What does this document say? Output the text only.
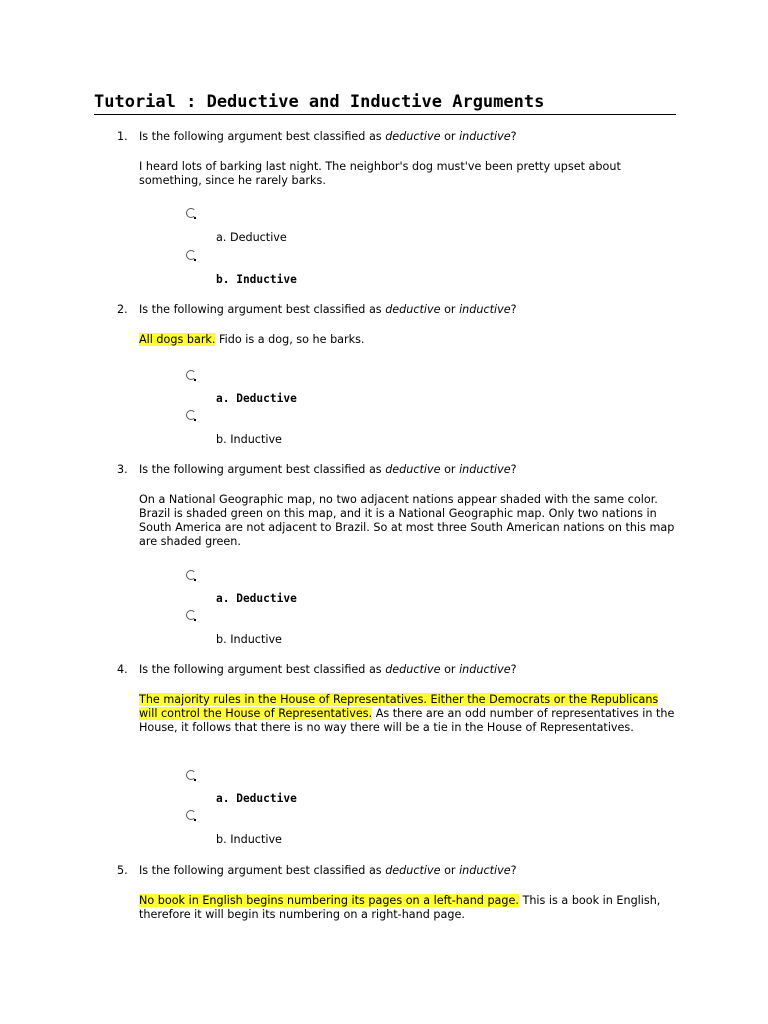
Tutorial : Deductive and Inductive Arguments
1. Is the following argument best classified as deductive or inductive?
I heard lots of barking last night. The neighbor's dog must've been pretty upset about something, since he rarely barks.
a. Deductive
b. Inductive
2. Is the following argument best classified as deductive or inductive?
All dogs bark. Fido is a dog, so he barks.
a. Deductive
b. Inductive
3. Is the following argument best classified as deductive or inductive?
On a National Geographic map, no two adjacent nations appear shaded with the same color. Brazil is shaded green on this map, and it is a National Geographic map. Only two nations in South America are not adjacent to Brazil. So at most three South American nations on this map are shaded green.
a. Deductive
b. Inductive
4. Is the following argument best classified as deductive or inductive?
The majority rules in the House of Representatives. Either the Democrats or the Republicans will control the House of Representatives. As there are an odd number of representatives in the House, it follows that there is no way there will be a tie in the House of Representatives.
a. Deductive
b. Inductive
5. Is the following argument best classified as deductive or inductive?
No book in English begins numbering its pages on a left-hand page. This is a book in English, therefore it will begin its numbering on a right-hand page.
